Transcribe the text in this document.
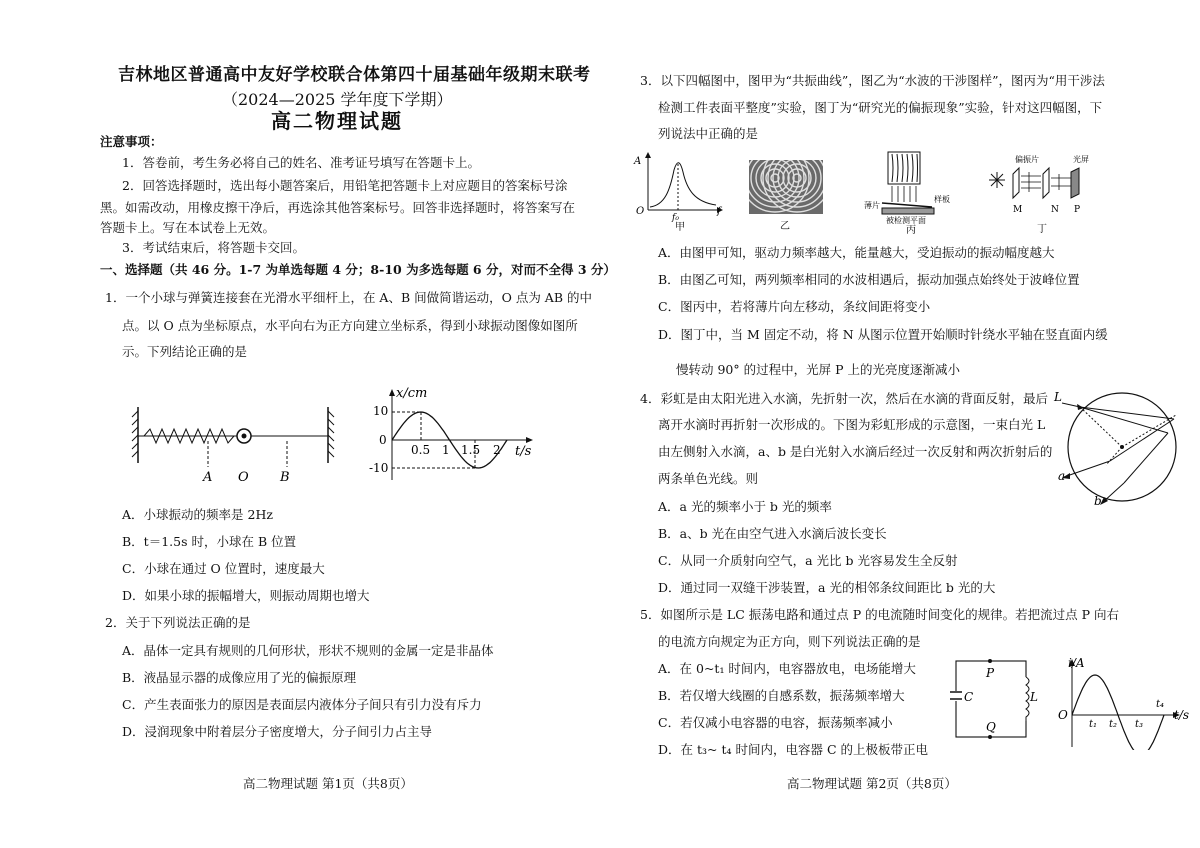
吉林地区普通高中友好学校联合体第四十届基础年级期末联考
（2024—2025 学年度下学期）
高二物理试题
注意事项：
1．答卷前，考生务必将自己的姓名、准考证号填写在答题卡上。
2．回答选择题时，选出每小题答案后，用铅笔把答题卡上对应题目的答案标号涂
黑。如需改动，用橡皮擦干净后，再选涂其他答案标号。回答非选择题时，将答案写在
答题卡上。写在本试卷上无效。
3．考试结束后，将答题卡交回。
一、选择题（共 46 分。1-7 为单选每题 4 分；8-10 为多选每题 6 分，对而不全得 3 分）
1．一个小球与弹簧连接套在光滑水平细杆上，在 A、B 间做简谐运动，O 点为 AB 的中
点。以 O 点为坐标原点，水平向右为正方向建立坐标系，得到小球振动图像如图所
示。下列结论正确的是
A O B
x/cm
t/s
10
0
-10
0.5 1 1.5 2
A．小球振动的频率是 2Hz
B．t＝1.5s 时，小球在 B 位置
C．小球在通过 O 位置时，速度最大
D．如果小球的振幅增大，则振动周期也增大
2．关于下列说法正确的是
A．晶体一定具有规则的几何形状，形状不规则的金属一定是非晶体
B．液晶显示器的成像应用了光的偏振原理
C．产生表面张力的原因是表面层内液体分子间只有引力没有斥力
D．浸润现象中附着层分子密度增大，分子间引力占主导
高二物理试题 第1页（共8页）
3．以下四幅图中，图甲为“共振曲线”，图乙为“水波的干涉图样”，图丙为“用干涉法
检测工件表面平整度”实验，图丁为“研究光的偏振现象”实验，针对这四幅图，下
列说法中正确的是
A
O	f
f₀
甲	乙
薄片
样板
被检测平面
丙
偏振片	光屏
M	N P
丁
A．由图甲可知，驱动力频率越大，能量越大，受迫振动的振动幅度越大
B．由图乙可知，两列频率相同的水波相遇后，振动加强点始终处于波峰位置
C．图丙中，若将薄片向左移动，条纹间距将变小
D．图丁中，当 M 固定不动，将 N 从图示位置开始顺时针绕水平轴在竖直面内缓
慢转动 90° 的过程中，光屏 P 上的光亮度逐渐减小
4．彩虹是由太阳光进入水滴，先折射一次，然后在水滴的背面反射，最后
离开水滴时再折射一次形成的。下图为彩虹形成的示意图，一束白光 L
由左侧射入水滴，a、b 是白光射入水滴后经过一次反射和两次折射后的
两条单色光线。则
L
a
b
A．a 光的频率小于 b 光的频率
B．a、b 光在由空气进入水滴后波长变长
C．从同一介质射向空气，a 光比 b 光容易发生全反射
D．通过同一双缝干涉装置，a 光的相邻条纹间距比 b 光的大
5．如图所示是 LC 振荡电路和通过点 P 的电流随时间变化的规律。若把流过点 P 向右
的电流方向规定为正方向，则下列说法正确的是
A．在 0~t₁ 时间内，电容器放电，电场能增大
B．若仅增大线圈的自感系数，振荡频率增大
C．若仅减小电容器的电容，振荡频率减小
D．在 t₃~ t₄ 时间内，电容器 C 的上极板带正电
P
Q
C	L
i/A
t/s
O
t₁ t₂ t₃
t₄
高二物理试题 第2页（共8页）
